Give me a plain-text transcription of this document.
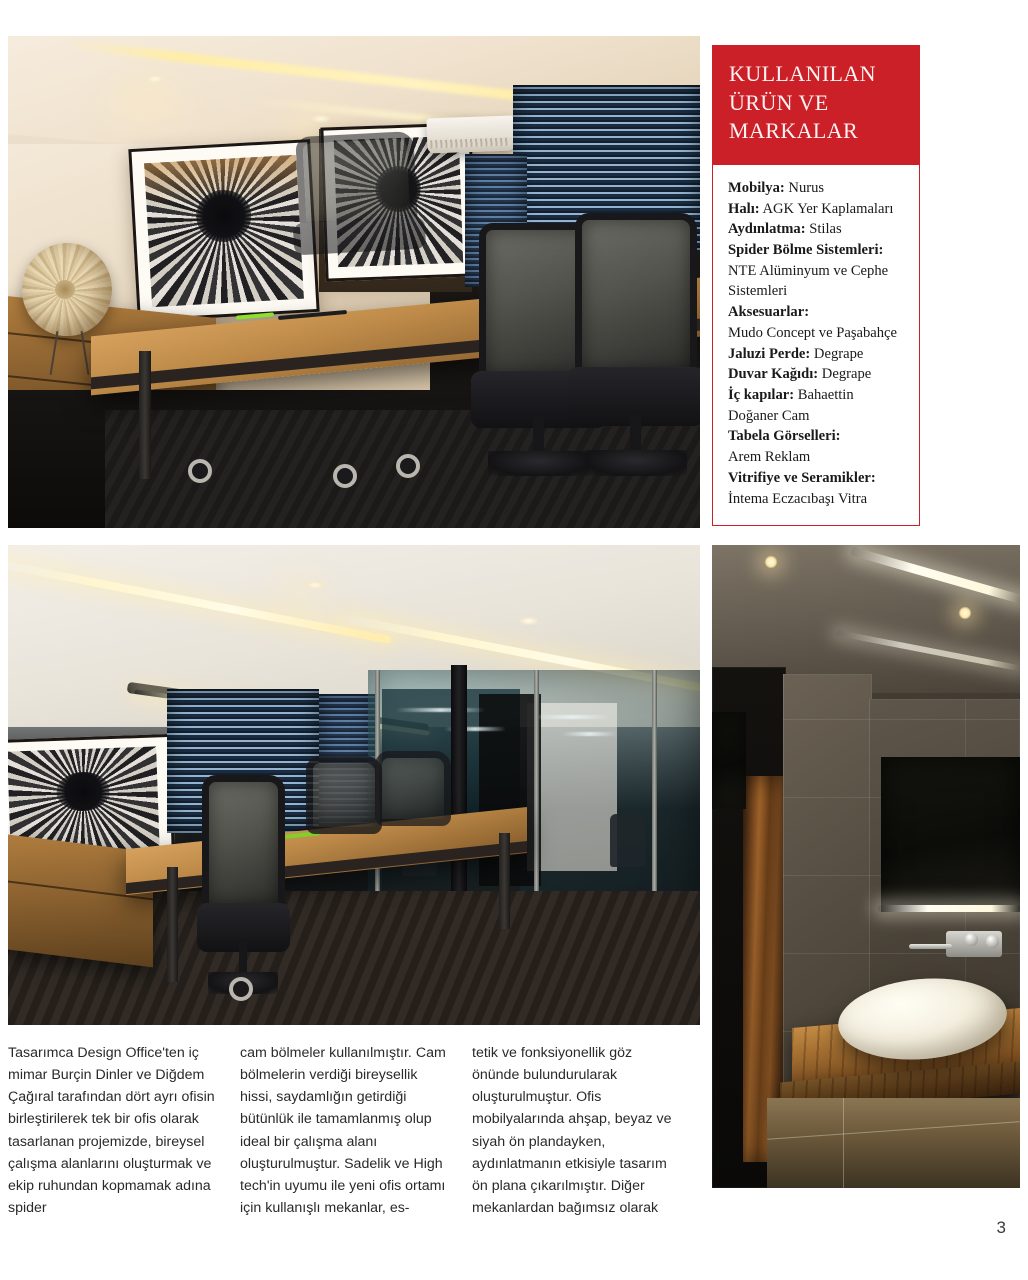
KULLANILAN
ÜRÜN VE
MARKALAR
Mobilya: Nurus
Halı: AGK Yer Kaplamaları
Aydınlatma: Stilas
Spider Bölme Sistemleri:
NTE Alüminyum ve Cephe Sistemleri
Aksesuarlar:
Mudo Concept ve Paşabahçe
Jaluzi Perde: Degrape
Duvar Kağıdı: Degrape
İç kapılar: Bahaettin
Doğaner Cam
Tabela Görselleri:
Arem Reklam
Vitrifiye ve Seramikler:
İntema Eczacıbaşı Vitra

Tasarımca Design Office'ten iç mimar Burçin Dinler ve Diğdem Çağıral tarafından dört ayrı ofisin birleştirilerek tek bir ofis olarak tasarlanan projemizde, bireysel çalışma alanlarını oluşturmak ve ekip ruhundan kopmamak adına spider

cam bölmeler kullanılmıştır. Cam bölmelerin verdiği bireysellik hissi, saydamlığın getirdiği bütünlük ile tamamlanmış olup ideal bir çalışma alanı oluşturulmuştur. Sadelik ve High tech'in uyumu ile yeni ofis ortamı için kullanışlı mekanlar, es-

tetik ve fonksiyonellik göz önünde bulundurularak oluşturulmuştur. Ofis mobilyalarında ahşap, beyaz ve siyah ön plandayken, aydınlatmanın etkisiyle tasarım ön plana çıkarılmıştır. Diğer mekanlardan bağımsız olarak

3
